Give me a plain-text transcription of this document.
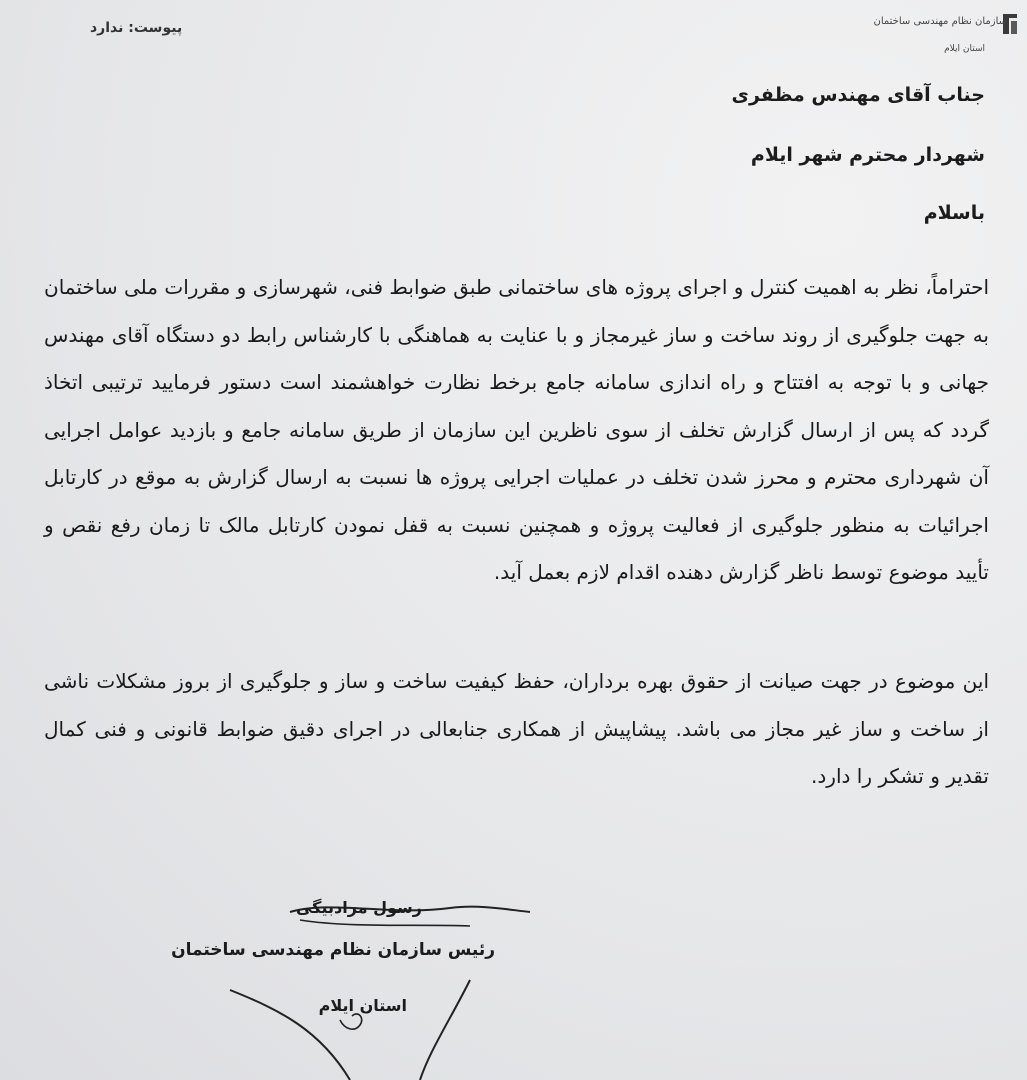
سازمان نظام مهندسی ساختمان
استان ایلام
پیوست: ندارد
جناب آقای مهندس مظفری
شهردار محترم شهر ایلام
باسلام
احتراماً، نظر به اهمیت کنترل و اجرای پروژه های ساختمانی طبق ضوابط فنی، شهرسازی و مقررات ملی ساختمان به جهت جلوگیری از روند ساخت و ساز غیرمجاز و با عنایت به هماهنگی با کارشناس رابط دو دستگاه آقای مهندس جهانی و با توجه به افتتاح و راه اندازی سامانه جامع برخط نظارت خواهشمند است دستور فرمایید ترتیبی اتخاذ گردد که پس از ارسال گزارش تخلف از سوی ناظرین این سازمان از طریق سامانه جامع و بازدید عوامل اجرایی آن شهرداری محترم و محرز شدن تخلف در عملیات اجرایی پروژه ها نسبت به ارسال گزارش به موقع در کارتابل اجرائیات به منظور جلوگیری از فعالیت پروژه و همچنین نسبت به قفل نمودن کارتابل مالک تا زمان رفع نقص و تأیید موضوع توسط ناظر گزارش دهنده اقدام لازم بعمل آید.
این موضوع در جهت صیانت از حقوق بهره برداران، حفظ کیفیت ساخت و ساز و جلوگیری از بروز مشکلات ناشی از ساخت و ساز غیر مجاز می باشد. پیشاپیش از همکاری جنابعالی در اجرای دقیق ضوابط قانونی و فنی کمال تقدیر و تشکر را دارد.
رسول مرادبیگی
رئیس سازمان نظام مهندسی ساختمان
استان ایلام
